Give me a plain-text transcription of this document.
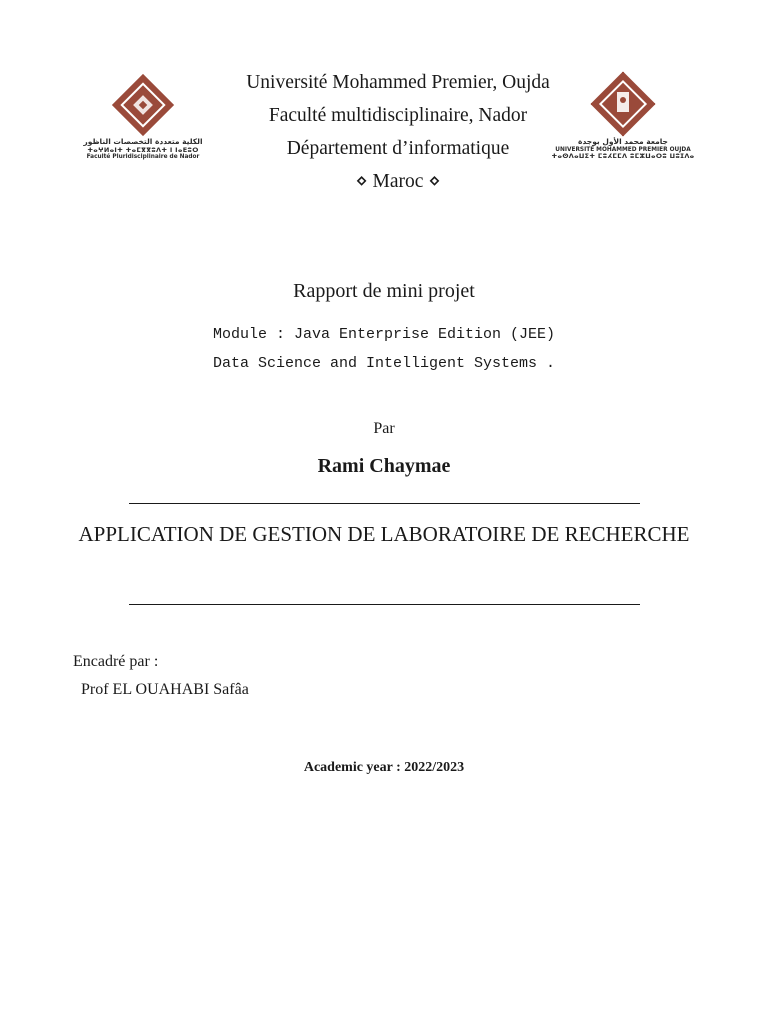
الكلية متعددة التخصصات الناظور
ⵜⴰⵖⵍⴰⵏⵜ ⵜⴰⵎⴳⴳⵓⴷⵜ ⵏ ⵏⴰⴹⵓⵔ
Faculté Pluridisciplinaire de Nador
جامعة محمد الأول بوجدة
UNIVERSITE MOHAMMED PREMIER OUJDA
ⵜⴰⵙⴷⴰⵡⵉⵜ ⵎⵓⵃⵎⵎⴷ ⵓⵎⵣⵡⴰⵔⵓ ⵡⵓⵊⴷⴰ
Université Mohammed Premier, Oujda
Faculté multidisciplinaire, Nador
Département d’informatique
⋄ Maroc ⋄
Rapport de mini projet
Module : Java Enterprise Edition (JEE)
Data Science and Intelligent Systems .
Par
Rami Chaymae
APPLICATION DE GESTION DE LABORATOIRE DE RECHERCHE
Encadré par :
Prof EL OUAHABI Safâa
Academic year : 2022/2023
